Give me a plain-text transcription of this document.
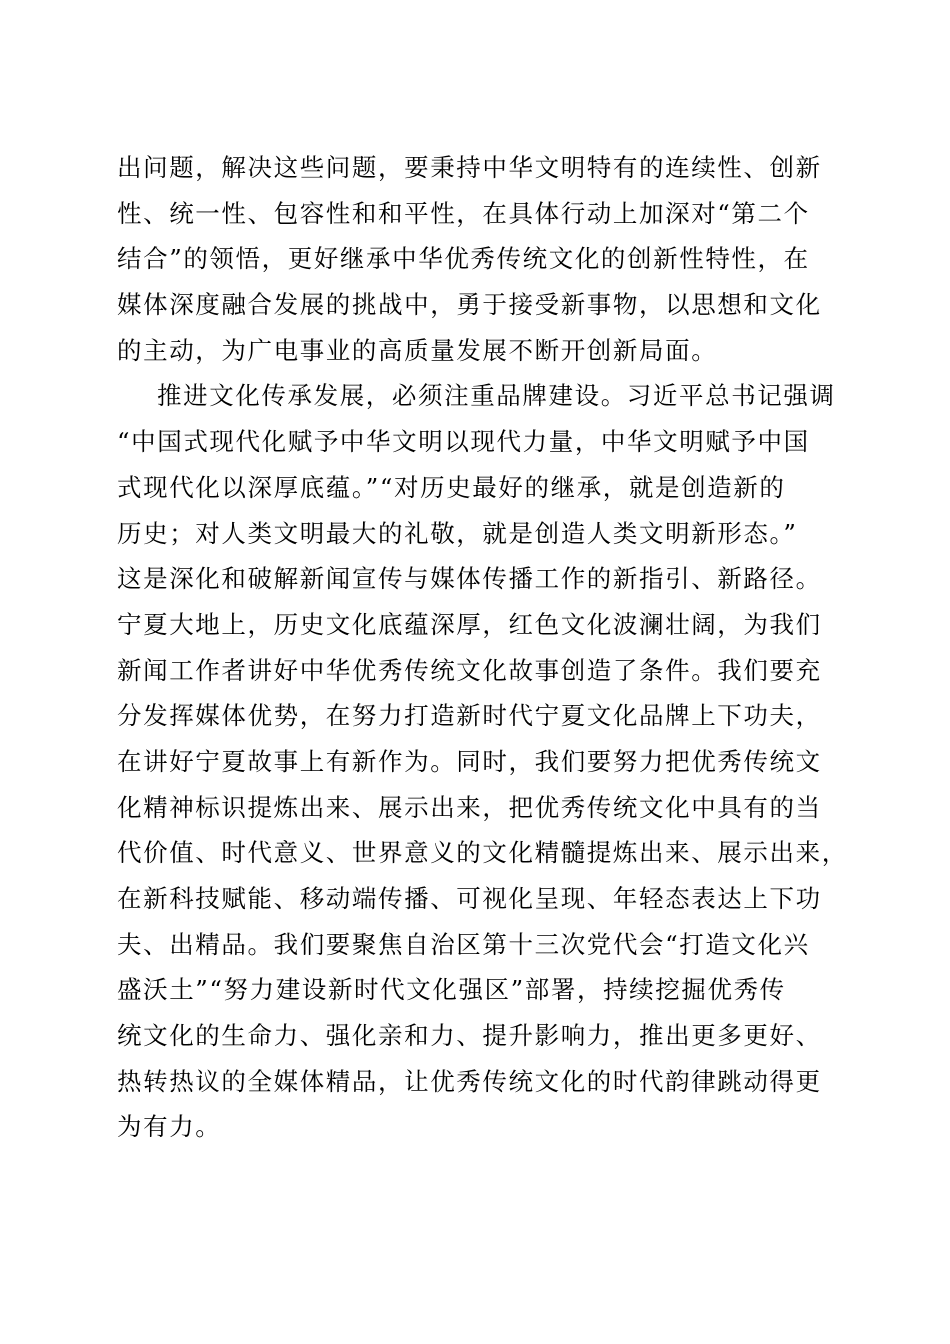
出问题，解决这些问题，要秉持中华文明特有的连续性、创新
性、统一性、包容性和和平性，在具体行动上加深对“第二个
结合”的领悟，更好继承中华优秀传统文化的创新性特性，在
媒体深度融合发展的挑战中，勇于接受新事物，以思想和文化
的主动，为广电事业的高质量发展不断开创新局面。
推进文化传承发展，必须注重品牌建设。习近平总书记强调
“中国式现代化赋予中华文明以现代力量，中华文明赋予中国
式现代化以深厚底蕴。”“对历史最好的继承，就是创造新的
历史；对人类文明最大的礼敬，就是创造人类文明新形态。”
这是深化和破解新闻宣传与媒体传播工作的新指引、新路径。
宁夏大地上，历史文化底蕴深厚，红色文化波澜壮阔，为我们
新闻工作者讲好中华优秀传统文化故事创造了条件。我们要充
分发挥媒体优势，在努力打造新时代宁夏文化品牌上下功夫，
在讲好宁夏故事上有新作为。同时，我们要努力把优秀传统文
化精神标识提炼出来、展示出来，把优秀传统文化中具有的当
代价值、时代意义、世界意义的文化精髓提炼出来、展示出来，
在新科技赋能、移动端传播、可视化呈现、年轻态表达上下功
夫、出精品。我们要聚焦自治区第十三次党代会“打造文化兴
盛沃土”“努力建设新时代文化强区”部署，持续挖掘优秀传
统文化的生命力、强化亲和力、提升影响力，推出更多更好、
热转热议的全媒体精品，让优秀传统文化的时代韵律跳动得更
为有力。
